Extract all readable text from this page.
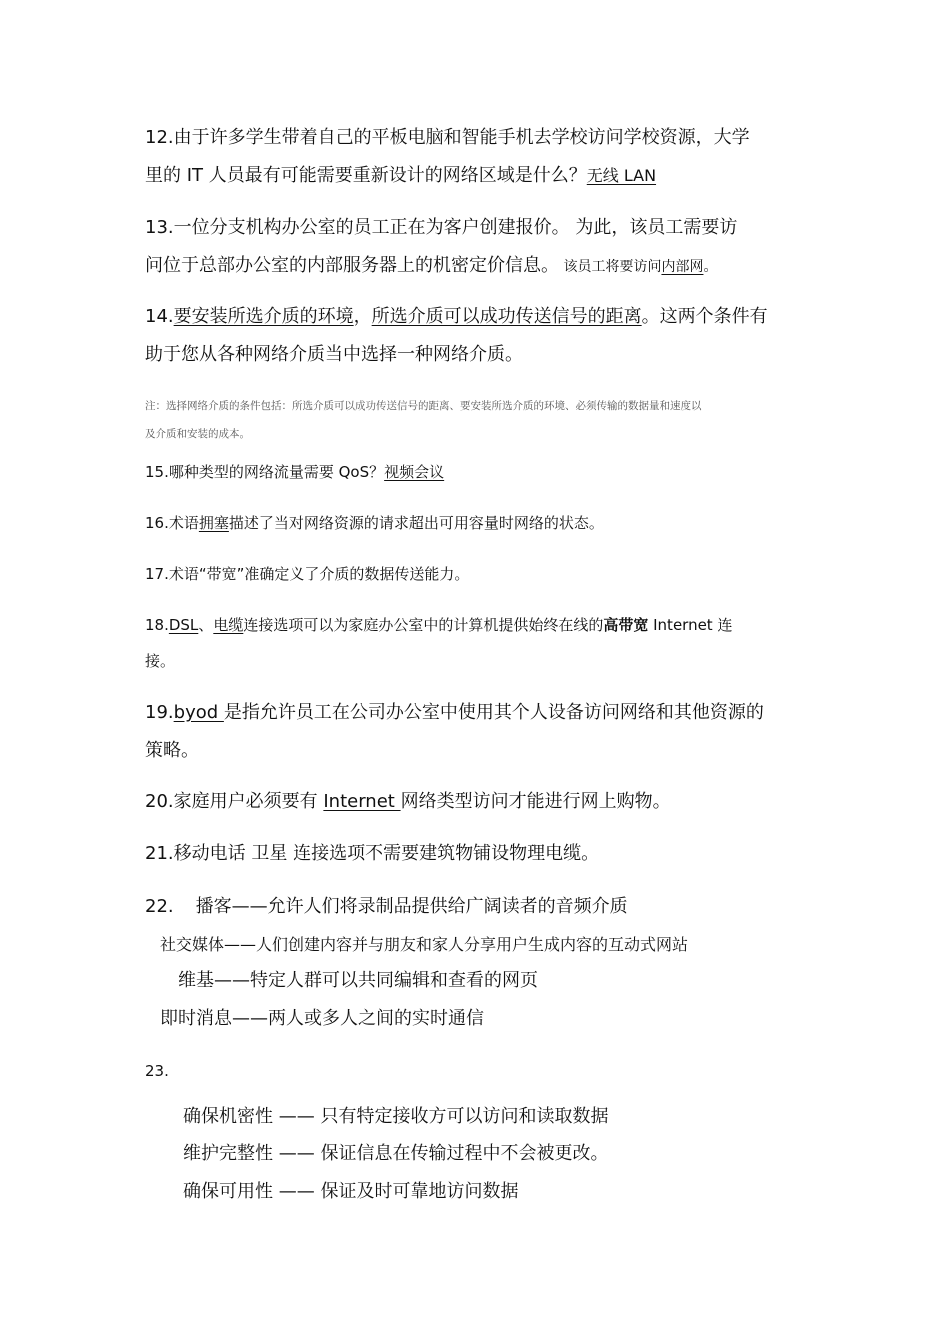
12.由于许多学生带着自己的平板电脑和智能手机去学校访问学校资源，大学
里的 IT 人员最有可能需要重新设计的网络区域是什么？无线 LAN
13.一位分支机构办公室的员工正在为客户创建报价。 为此，该员工需要访
问位于总部办公室的内部服务器上的机密定价信息。 该员工将要访问内部网。
14.要安装所选介质的环境，所选介质可以成功传送信号的距离。这两个条件有
助于您从各种网络介质当中选择一种网络介质。
注：选择网络介质的条件包括：所选介质可以成功传送信号的距离、要安装所选介质的环境、必须传输的数据量和速度以
及介质和安装的成本。
15.哪种类型的网络流量需要 QoS？视频会议
16.术语拥塞描述了当对网络资源的请求超出可用容量时网络的状态。
17.术语“带宽”准确定义了介质的数据传送能力。
18.DSL、电缆连接选项可以为家庭办公室中的计算机提供始终在线的高带宽 Internet 连
接。
19.byod 是指允许员工在公司办公室中使用其个人设备访问网络和其他资源的
策略。
20.家庭用户必须要有 Internet 网络类型访问才能进行网上购物。
21.移动电话 卫星 连接选项不需要建筑物铺设物理电缆。
22. 播客——允许人们将录制品提供给广阔读者的音频介质
社交媒体——人们创建内容并与朋友和家人分享用户生成内容的互动式网站
维基——特定人群可以共同编辑和查看的网页
即时消息——两人或多人之间的实时通信
23.
确保机密性 —— 只有特定接收方可以访问和读取数据
维护完整性 —— 保证信息在传输过程中不会被更改。
确保可用性 —— 保证及时可靠地访问数据
